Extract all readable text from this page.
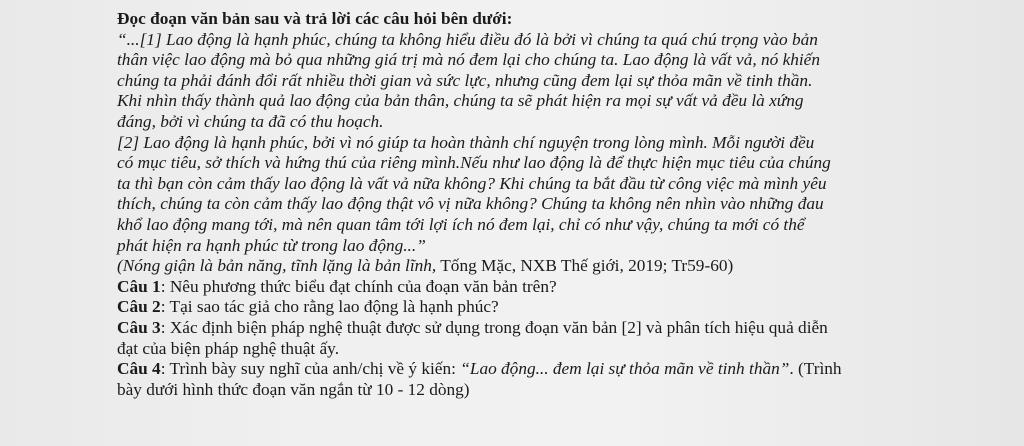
Đọc đoạn văn bản sau và trả lời các câu hỏi bên dưới:

“...[1] Lao động là hạnh phúc, chúng ta không hiểu điều đó là bởi vì chúng ta quá chú trọng vào bản
thân việc lao động mà bỏ qua những giá trị mà nó đem lại cho chúng ta. Lao động là vất vả, nó khiến
chúng ta phải đánh đổi rất nhiều thời gian và sức lực, nhưng cũng đem lại sự thỏa mãn về tinh thần.
Khi nhìn thấy thành quả lao động của bản thân, chúng ta sẽ phát hiện ra mọi sự vất vả đều là xứng
đáng, bởi vì chúng ta đã có thu hoạch.
[2] Lao động là hạnh phúc, bởi vì nó giúp ta hoàn thành chí nguyện trong lòng mình. Mỗi người đều
có mục tiêu, sở thích và hứng thú của riêng mình.Nếu như lao động là để thực hiện mục tiêu của chúng
ta thì bạn còn cảm thấy lao động là vất vả nữa không? Khi chúng ta bắt đầu từ công việc mà mình yêu
thích, chúng ta còn cảm thấy lao động thật vô vị nữa không? Chúng ta không nên nhìn vào những đau
khổ lao động mang tới, mà nên quan tâm tới lợi ích nó đem lại, chỉ có như vậy, chúng ta mới có thể
phát hiện ra hạnh phúc từ trong lao động...”

(Nóng giận là bản năng, tĩnh lặng là bản lĩnh, Tống Mặc, NXB Thế giới, 2019; Tr59-60)

Câu 1: Nêu phương thức biểu đạt chính của đoạn văn bản trên?

Câu 2: Tại sao tác giả cho rằng lao động là hạnh phúc?

Câu 3: Xác định biện pháp nghệ thuật được sử dụng trong đoạn văn bản [2] và phân tích hiệu quả diễn
đạt của biện pháp nghệ thuật ấy.

Câu 4: Trình bày suy nghĩ của anh/chị về ý kiến: “Lao động... đem lại sự thỏa mãn về tinh thần”. (Trình
bày dưới hình thức đoạn văn ngắn từ 10 - 12 dòng)
